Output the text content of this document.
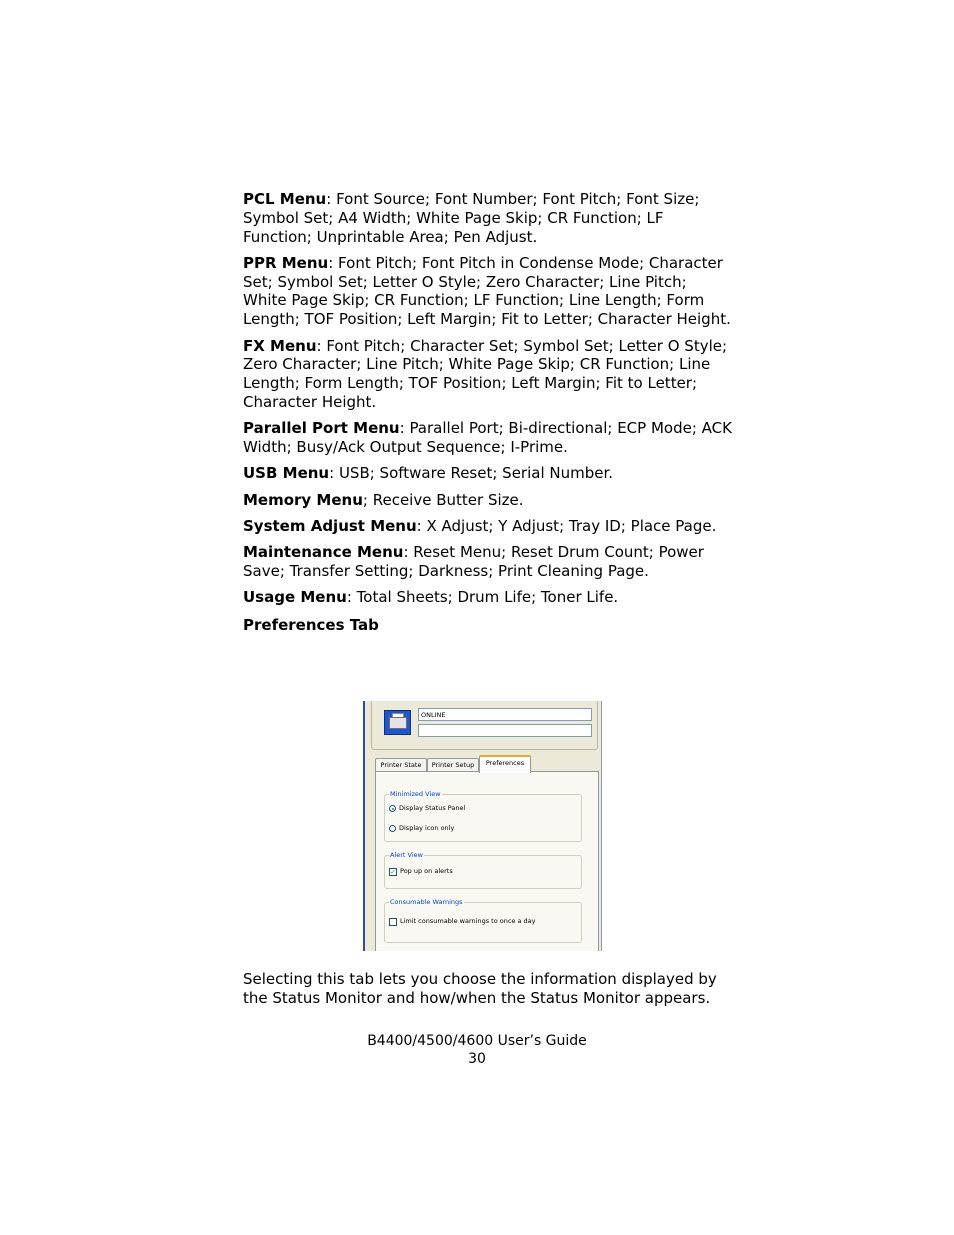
PCL Menu: Font Source; Font Number; Font Pitch; Font Size; Symbol Set; A4 Width; White Page Skip; CR Function; LF Function; Unprintable Area; Pen Adjust.

PPR Menu: Font Pitch; Font Pitch in Condense Mode; Character Set; Symbol Set; Letter O Style; Zero Character; Line Pitch; White Page Skip; CR Function; LF Function; Line Length; Form Length; TOF Position; Left Margin; Fit to Letter; Character Height.

FX Menu: Font Pitch; Character Set; Symbol Set; Letter O Style; Zero Character; Line Pitch; White Page Skip; CR Function; Line Length; Form Length; TOF Position; Left Margin; Fit to Letter; Character Height.

Parallel Port Menu: Parallel Port; Bi-directional; ECP Mode; ACK Width; Busy/Ack Output Sequence; I-Prime.

USB Menu: USB; Software Reset; Serial Number.

Memory Menu; Receive Butter Size.

System Adjust Menu: X Adjust; Y Adjust; Tray ID; Place Page.

Maintenance Menu: Reset Menu; Reset Drum Count; Power Save; Transfer Setting; Darkness; Print Cleaning Page.

Usage Menu: Total Sheets; Drum Life; Toner Life.

Preferences Tab

ONLINE
Printer State	Printer Setup	Preferences
Minimized View
Display Status Panel
Display icon only
Alert View
✓ Pop up on alerts
Consumable Warnings
Limit consumable warnings to once a day

Selecting this tab lets you choose the information displayed by the Status Monitor and how/when the Status Monitor appears.

B4400/4500/4600 User’s Guide
30
